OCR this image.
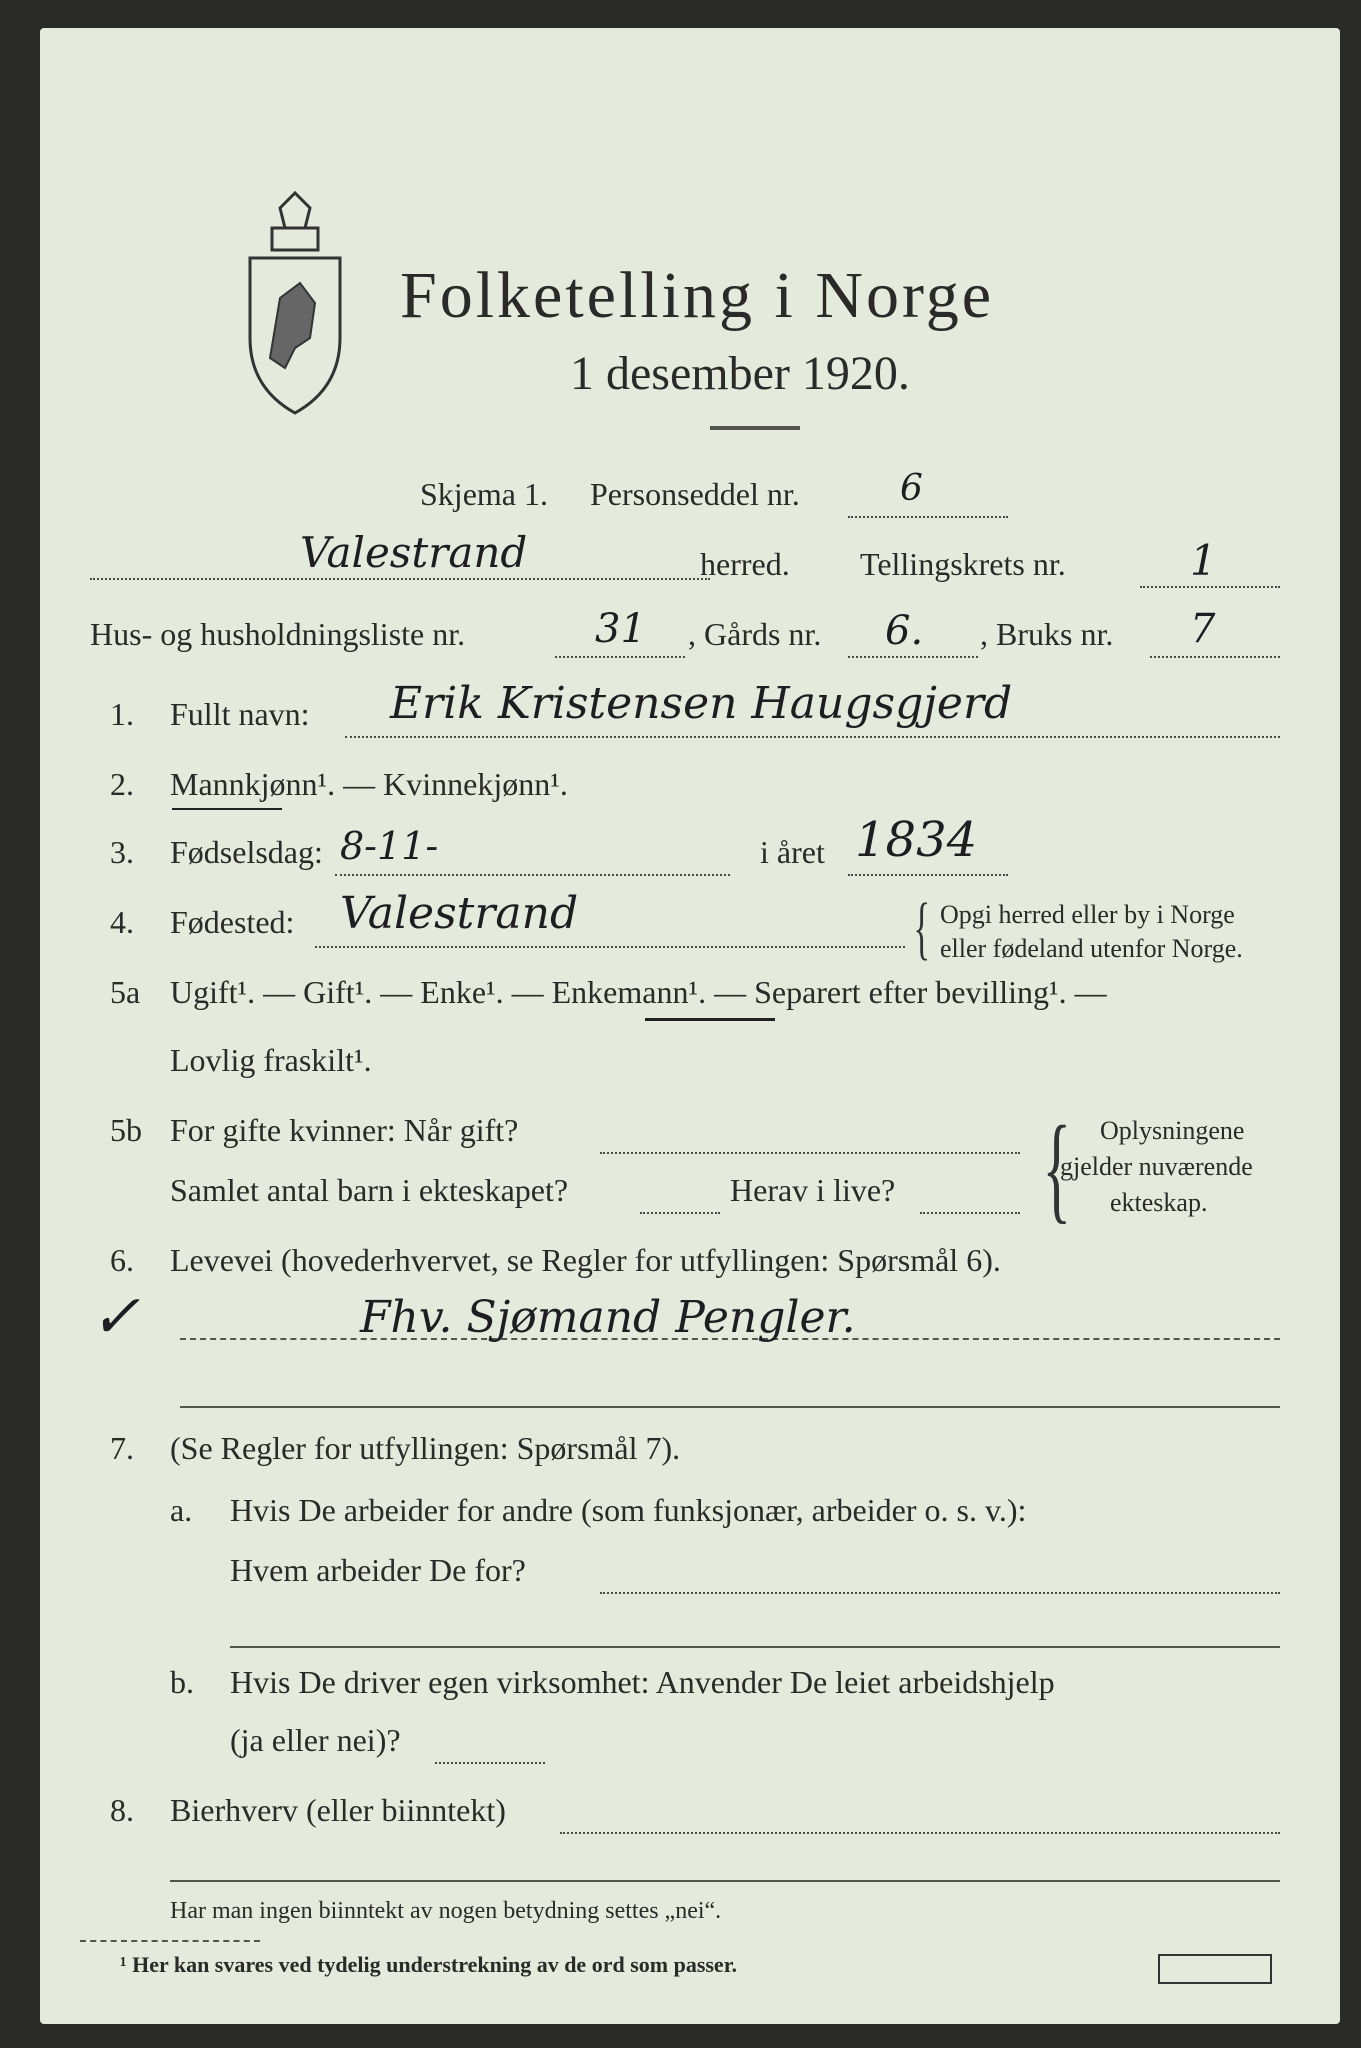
Folketelling i Norge
1 desember 1920.
Skjema 1. Personseddel nr.	6
Valestrand	herred. Tellingskrets nr.	1
Hus- og husholdningsliste nr.	31 , Gårds nr. 6. , Bruks nr. 7
1. Fullt navn: Erik Kristensen Haugsgjerd
2. Mannkjønn¹. — Kvinnekjønn¹.
3. Fødselsdag: 8-11-	i året 1834
4. Fødested: Valestrand	{ Opgi herred eller by i Norge
eller fødeland utenfor Norge.
5a Ugift¹. — Gift¹. — Enke¹. — Enkemann¹. — Separert efter bevilling¹. —
Lovlig fraskilt¹.
5b For gifte kvinner: Når gift?
Samlet antal barn i ekteskapet?	Herav i live? { Oplysningene
gjelder nuværende
ekteskap.
6. Levevei (hovederhvervet, se Regler for utfyllingen: Spørsmål 6).
✓	Fhv. Sjømand Pengler.
7. (Se Regler for utfyllingen: Spørsmål 7).
a. Hvis De arbeider for andre (som funksjonær, arbeider o. s. v.):
Hvem arbeider De for?
b. Hvis De driver egen virksomhet: Anvender De leiet arbeidshjelp
(ja eller nei)?
8. Bierhverv (eller biinntekt)
Har man ingen biinntekt av nogen betydning settes „nei“.
¹ Her kan svares ved tydelig understrekning av de ord som passer.
